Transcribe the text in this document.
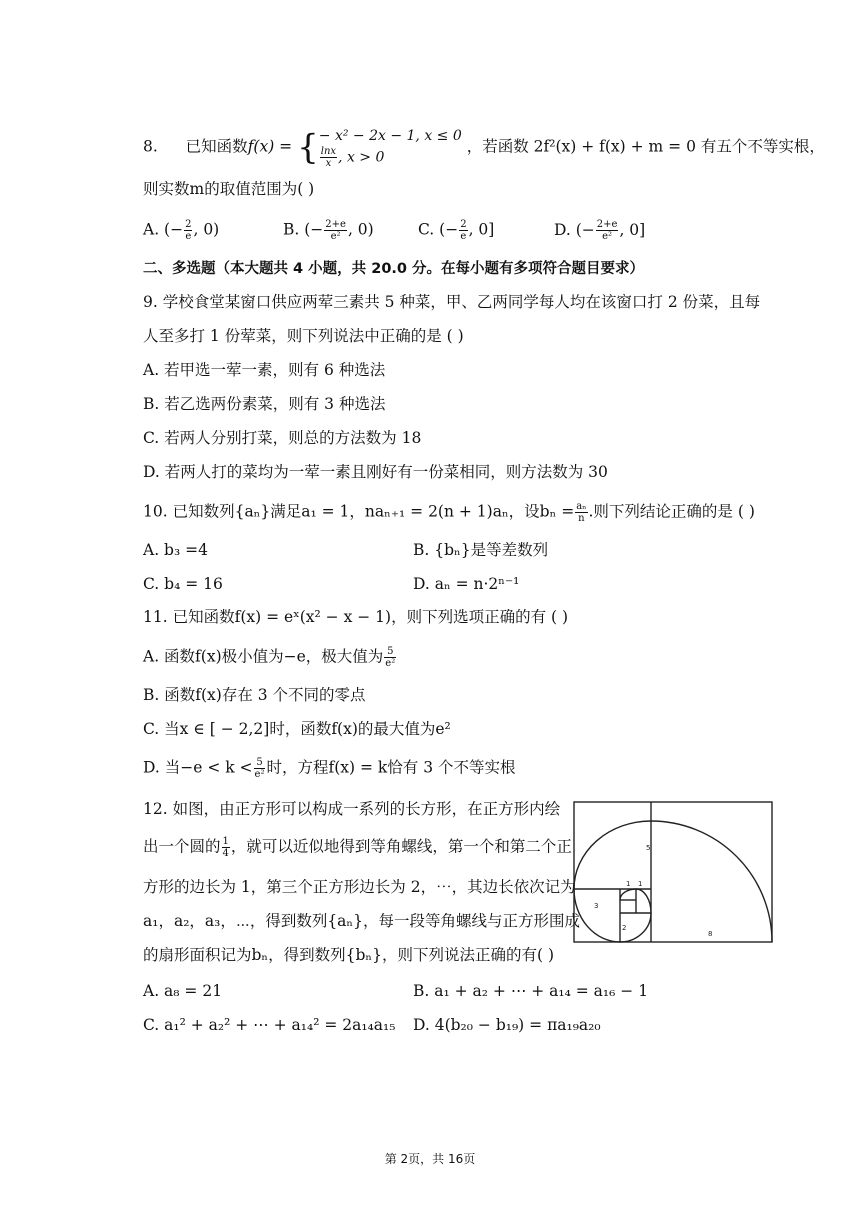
8. 已知函数f(x) = { − x² − 2x − 1, x ≤ 0
$\frac{\ln x}{x}$ , x > 0
，若函数 2f²(x) + f(x) + m = 0 有五个不等实根，
则实数m的取值范围为( )
A. (− $\frac{2}{e}$ , 0)	B. (− $\frac{2+e}{\text{e²}}$ , 0)	C. (− $\frac{2}{e}$ , 0]	D. (− $\frac{2+e}{\text{e²}}$ , 0]
二、多选题（本大题共 4 小题，共 20.0 分。在每小题有多项符合题目要求）
9. 学校食堂某窗口供应两荤三素共 5 种菜，甲、乙两同学每人均在该窗口打 2 份菜，且每
人至多打 1 份荤菜，则下列说法中正确的是 ( )
A. 若甲选一荤一素，则有 6 种选法
B. 若乙选两份素菜，则有 3 种选法
C. 若两人分别打菜，则总的方法数为 18
D. 若两人打的菜均为一荤一素且刚好有一份菜相同，则方法数为 30
10. 已知数列{aₙ}满足a₁ = 1，naₙ₊₁ = 2(n + 1)aₙ，设$b_n = \frac{\text{aₙ}}{n}$ .则下列结论正确的是 ( )
A. b₃ =4	B. {bₙ}是等差数列
C. b₄ = 16	D. aₙ = n·2ⁿ⁻¹
11. 已知函数f(x) = eˣ(x² − x − 1)，则下列选项正确的有 ( )
A. 函数f(x)极小值为−e，极大值为 $\frac{5}{\text{e²}}$
B. 函数f(x)存在 3 个不同的零点
C. 当x ∈ [ − 2,2]时，函数f(x)的最大值为e²
D. 当$-e < k < \frac{5}{\text{e²}}$ 时，方程f(x) = k恰有 3 个不等实根
12. 如图，由正方形可以构成一系列的长方形，在正方形内绘
出一个圆的 $\frac{1}{4}$ ，就可以近似地得到等角螺线，第一个和第二个正
方形的边长为 1，第三个正方形边长为 2，⋯，其边长依次记为
a₁，a₂，a₃，⋯，得到数列{aₙ}，每一段等角螺线与正方形围成
的扇形面积记为bₙ，得到数列{bₙ}，则下列说法正确的有( )
5
3
1 1
2
8
A. a₈ = 21	B. a₁ + a₂ + ⋯ + a₁₄ = a₁₆ − 1
C. a₁² + a₂² + ⋯ + a₁₄² = 2a₁₄a₁₅ D. 4(b₂₀ − b₁₉) = πa₁₉a₂₀
第 2页，共 16页
